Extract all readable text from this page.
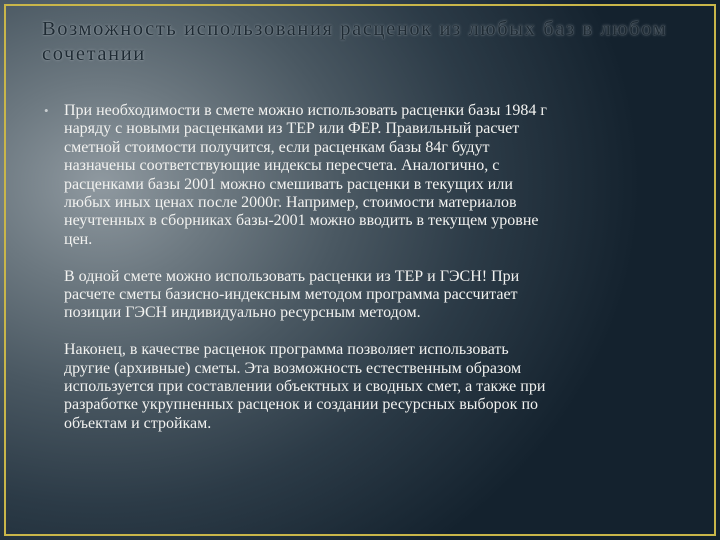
Возможность использования расценок из любых баз в любом сочетании
• При необходимости в смете можно использовать расценки базы 1984 г
наряду с новыми расценками из ТЕР или ФЕР. Правильный расчет
сметной стоимости получится, если расценкам базы 84г будут
назначены соответствующие индексы пересчета. Аналогично, с
расценками базы 2001 можно смешивать расценки в текущих или
любых иных ценах после 2000г. Например, стоимости материалов
неучтенных в сборниках базы-2001 можно вводить в текущем уровне
цен.

В одной смете можно использовать расценки из ТЕР и ГЭСН! При
расчете сметы базисно-индексным методом программа рассчитает
позиции ГЭСН индивидуально ресурсным методом.

Наконец, в качестве расценок программа позволяет использовать
другие (архивные) сметы. Эта возможность естественным образом
используется при составлении объектных и сводных смет, а также при
разработке укрупненных расценок и создании ресурсных выборок по
объектам и стройкам.
